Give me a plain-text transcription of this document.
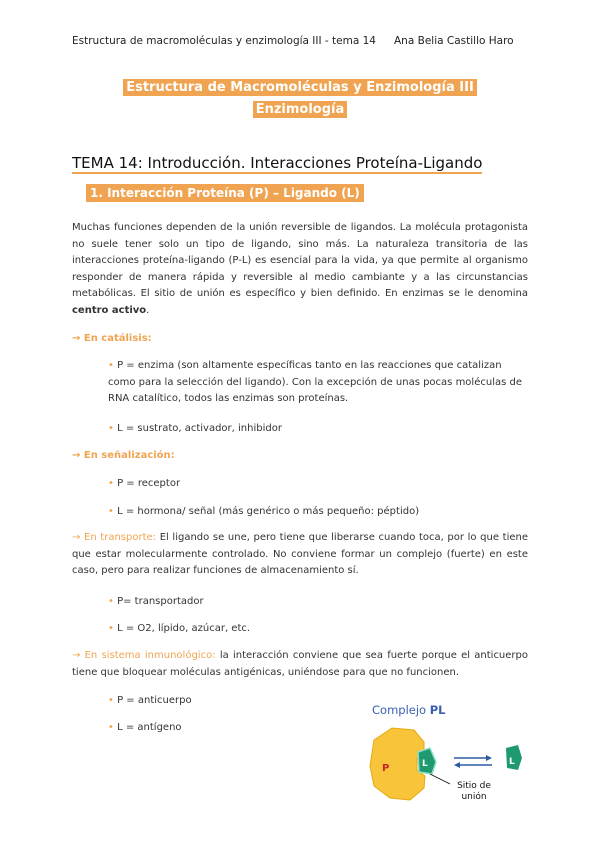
Estructura de macromoléculas y enzimología III - tema 14 Ana Belia Castillo Haro
Estructura de Macromoléculas y Enzimología III
Enzimología
TEMA 14: Introducción. Interacciones Proteína-Ligando
1. Interacción Proteína (P) – Ligando (L)
Muchas funciones dependen de la unión reversible de ligandos. La molécula protagonista no suele tener solo un tipo de ligando, sino más. La naturaleza transitoria de las interacciones proteína-ligando (P-L) es esencial para la vida, ya que permite al organismo responder de manera rápida y reversible al medio cambiante y a las circunstancias metabólicas. El sitio de unión es específico y bien definido. En enzimas se le denomina centro activo.
→ En catálisis:
• P = enzima (son altamente específicas tanto en las reacciones que catalizan como para la selección del ligando). Con la excepción de unas pocas moléculas de RNA catalítico, todos las enzimas son proteínas.
• L = sustrato, activador, inhibidor
→ En señalización:
• P = receptor
• L = hormona/ señal (más genérico o más pequeño: péptido)
→ En transporte: El ligando se une, pero tiene que liberarse cuando toca, por lo que tiene que estar molecularmente controlado. No conviene formar un complejo (fuerte) en este caso, pero para realizar funciones de almacenamiento sí.
• P= transportador
• L = O2, lípido, azúcar, etc.
→ En sistema inmunológico: la interacción conviene que sea fuerte porque el anticuerpo tiene que bloquear moléculas antigénicas, uniéndose para que no funcionen.
• P = anticuerpo
• L = antígeno
Complejo PL
P	L	L
Sitio de
unión
